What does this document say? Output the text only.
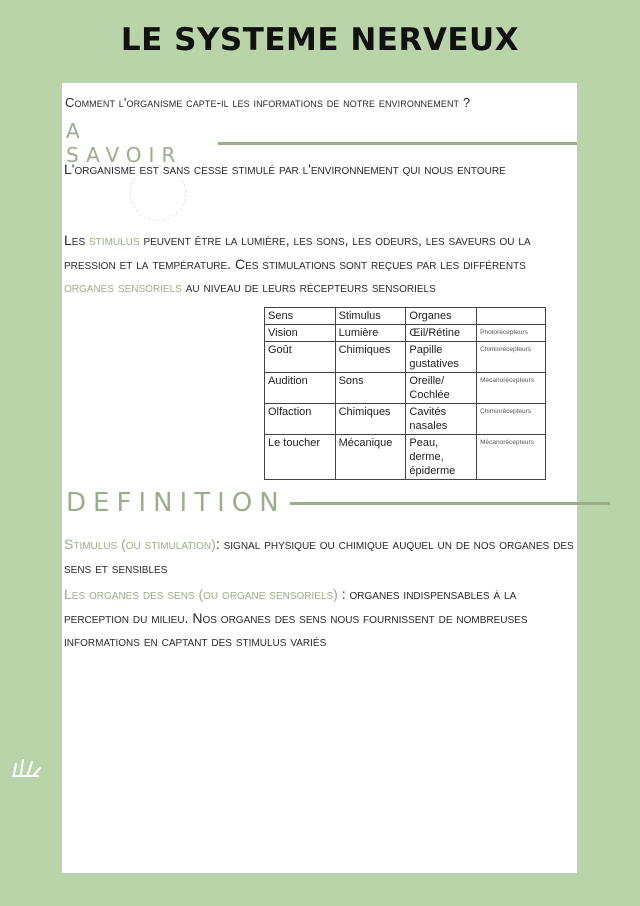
LE SYSTEME NERVEUX
Comment l'organisme capte-il les informations de notre environnement ?
A SAVOIR
L'organisme est sans cesse stimulé par l'environnement qui nous entoure
Les stimulus peuvent être la lumière, les sons, les odeurs, les saveurs ou la pression et la température. Ces stimulations sont reçues par les différents organes sensoriels au niveau de leurs récepteurs sensoriels
Sens	Stimulus	Organes	
Vision	Lumière	Œil/Rétine	Photorécepteurs
Goût	Chimiques	Papille gustatives	Chimiorécepteurs
Audition	Sons	Oreille/ Cochlée	Mécanorécepteurs
Olfaction	Chimiques	Cavités nasales	Chimiorécepteurs
Le toucher	Mécanique	Peau, derme, épiderme	Mécanorécepteurs
DEFINITION
Stimulus (ou stimulation): signal physique ou chimique auquel un de nos organes des sens et sensibles
Les organes des sens (ou organe sensoriels) : organes indispensables à la perception du milieu. Nos organes des sens nous fournissent de nombreuses informations en captant des stimulus variés
